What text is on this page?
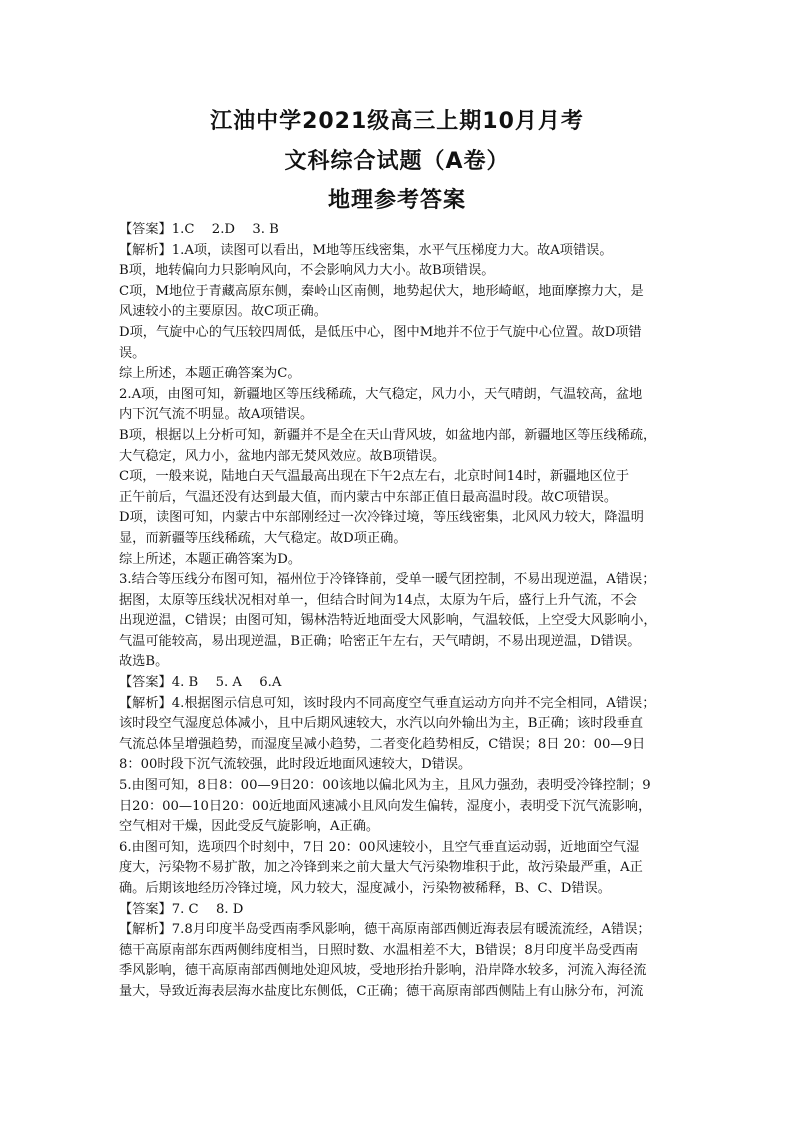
江油中学2021级高三上期10月月考
文科综合试题（A卷）
地理参考答案
【答案】1.C　 2.D　 3. B
【解析】1.A项，读图可以看出，M地等压线密集，水平气压梯度力大。故A项错误。
B项，地转偏向力只影响风向，不会影响风力大小。故B项错误。
C项，M地位于青藏高原东侧，秦岭山区南侧，地势起伏大，地形崎岖，地面摩擦力大，是
风速较小的主要原因。故C项正确。
D项，气旋中心的气压较四周低，是低压中心，图中M地并不位于气旋中心位置。故D项错
误。
综上所述，本题正确答案为C。
2.A项，由图可知，新疆地区等压线稀疏，大气稳定，风力小，天气晴朗，气温较高，盆地
内下沉气流不明显。故A项错误。
B项，根据以上分析可知，新疆并不是全在天山背风坡，如盆地内部，新疆地区等压线稀疏，
大气稳定，风力小，盆地内部无焚风效应。故B项错误。
C项，一般来说，陆地白天气温最高出现在下午2点左右，北京时间14时，新疆地区位于
正午前后，气温还没有达到最大值，而内蒙古中东部正值日最高温时段。故C项错误。
D项，读图可知，内蒙古中东部刚经过一次冷锋过境，等压线密集，北风风力较大，降温明
显，而新疆等压线稀疏，大气稳定。故D项正确。
综上所述，本题正确答案为D。
3.结合等压线分布图可知，福州位于冷锋锋前，受单一暖气团控制，不易出现逆温，A错误；
据图，太原等压线状况相对单一，但结合时间为14点，太原为午后，盛行上升气流，不会
出现逆温，C错误；由图可知，锡林浩特近地面受大风影响，气温较低，上空受大风影响小，
气温可能较高，易出现逆温，B正确；哈密正午左右，天气晴朗，不易出现逆温，D错误。
故选B。
【答案】4. B　 5. A　 6.A
【解析】4.根据图示信息可知，该时段内不同高度空气垂直运动方向并不完全相同，A错误；
该时段空气湿度总体减小，且中后期风速较大，水汽以向外输出为主，B正确；该时段垂直
气流总体呈增强趋势，而湿度呈减小趋势，二者变化趋势相反，C错误；8日 20：00—9日
8：00时段下沉气流较强，此时段近地面风速较大，D错误。
5.由图可知，8日8：00—9日20：00该地以偏北风为主，且风力强劲，表明受冷锋控制；9
日20：00—10日20：00近地面风速减小且风向发生偏转，湿度小，表明受下沉气流影响，
空气相对干燥，因此受反气旋影响，A正确。
6.由图可知，选项四个时刻中，7日 20：00风速较小，且空气垂直运动弱，近地面空气湿
度大，污染物不易扩散，加之冷锋到来之前大量大气污染物堆积于此，故污染最严重，A正
确。后期该地经历冷锋过境，风力较大，湿度减小，污染物被稀释，B、C、D错误。
【答案】7. C　 8. D
【解析】7.8月印度半岛受西南季风影响，德干高原南部西侧近海表层有暖流流经，A错误；
德干高原南部东西两侧纬度相当，日照时数、水温相差不大，B错误；8月印度半岛受西南
季风影响，德干高原南部西侧地处迎风坡，受地形抬升影响，沿岸降水较多，河流入海径流
量大，导致近海表层海水盐度比东侧低，C正确；德干高原南部西侧陆上有山脉分布，河流
